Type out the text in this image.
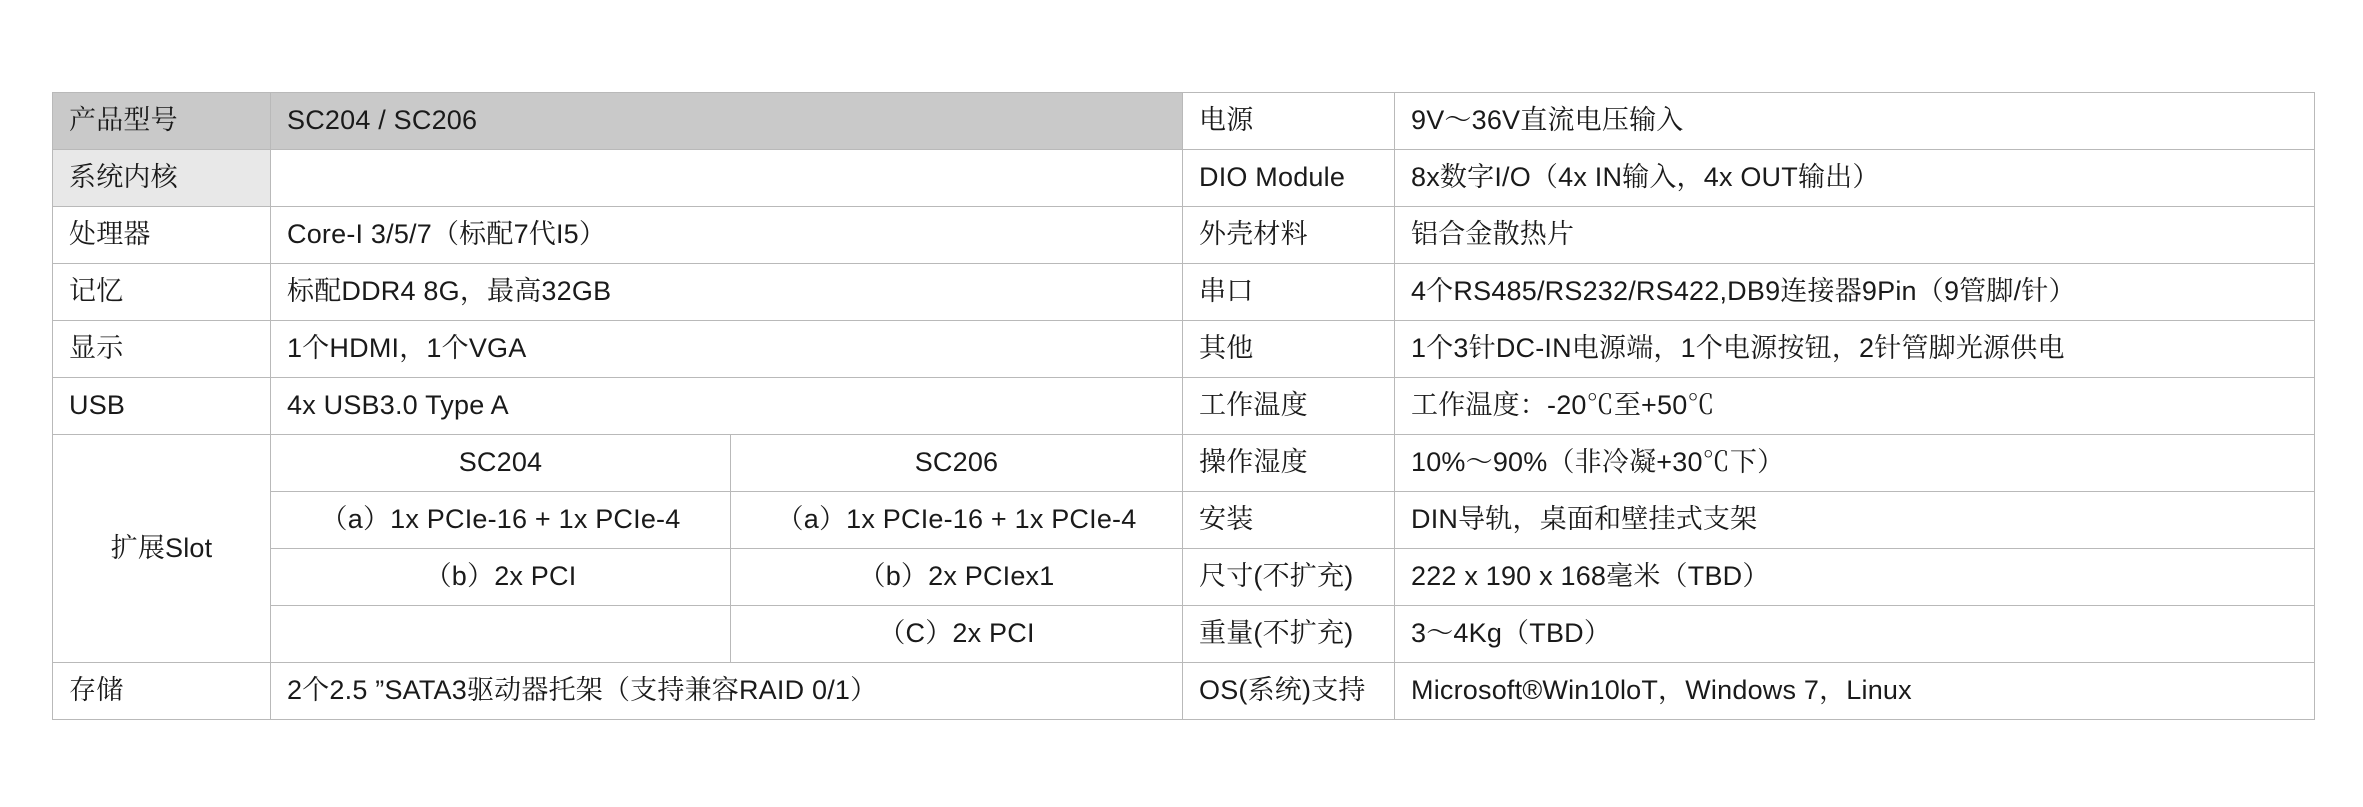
产品型号	SC204 / SC206		电源	9V～36V直流电压输入
系统内核			DIO Module	8x数字I/O（4x IN输入，4x OUT输出）
处理器	Core-I 3/5/7（标配7代I5）		外壳材料	铝合金散热片
记忆	标配DDR4 8G，最高32GB		串口	4个RS485/RS232/RS422,DB9连接器9Pin（9管脚/针）
显示	1个HDMI，1个VGA		其他	1个3针DC-IN电源端，1个电源按钮，2针管脚光源供电
USB	4x USB3.0 Type A		工作温度	工作温度：-20℃至+50℃
扩展Slot	SC204	SC206	操作湿度	10%～90%（非冷凝+30℃下）
	（a）1x PCIe-16 + 1x PCIe-4	（a）1x PCIe-16 + 1x PCIe-4	安装	DIN导轨，桌面和壁挂式支架
	（b）2x PCI	（b）2x PCIex1	尺寸(不扩充)	222 x 190 x 168毫米（TBD）
		（C）2x PCI	重量(不扩充)	3～4Kg（TBD）
存储	2个2.5 ”SATA3驱动器托架（支持兼容RAID 0/1）		OS(系统)支持	Microsoft®Win10loT，Windows 7，Linux
